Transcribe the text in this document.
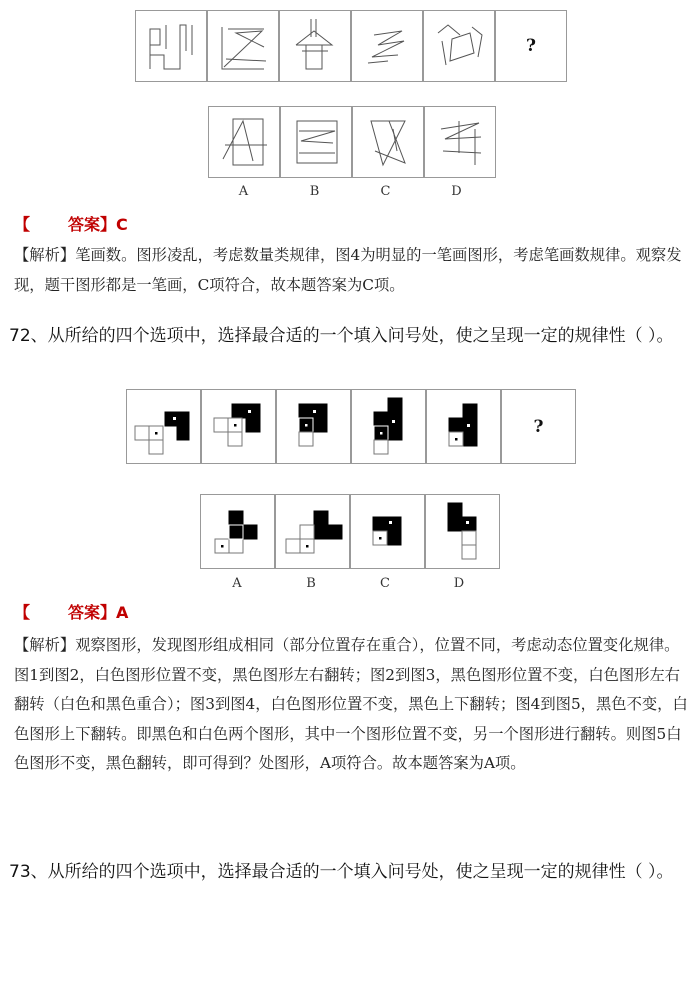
?
A	B	C	D
【 答案】C
【解析】笔画数。图形凌乱，考虑数量类规律，图4为明显的一笔画图形，考虑笔画数规律。观察发现，题干图形都是一笔画，C项符合，故本题答案为C项。
72、从所给的四个选项中，选择最合适的一个填入问号处，使之呈现一定的规律性（ ）。
?
A	B	C	D
【 答案】A
【解析】观察图形，发现图形组成相同（部分位置存在重合），位置不同，考虑动态位置变化规律。图1到图2，白色图形位置不变，黑色图形左右翻转；图2到图3，黑色图形位置不变，白色图形左右翻转（白色和黑色重合）；图3到图4，白色图形位置不变，黑色上下翻转；图4到图5，黑色不变，白色图形上下翻转。即黑色和白色两个图形，其中一个图形位置不变，另一个图形进行翻转。则图5白色图形不变，黑色翻转，即可得到？处图形，A项符合。故本题答案为A项。
73、从所给的四个选项中，选择最合适的一个填入问号处，使之呈现一定的规律性（ ）。
